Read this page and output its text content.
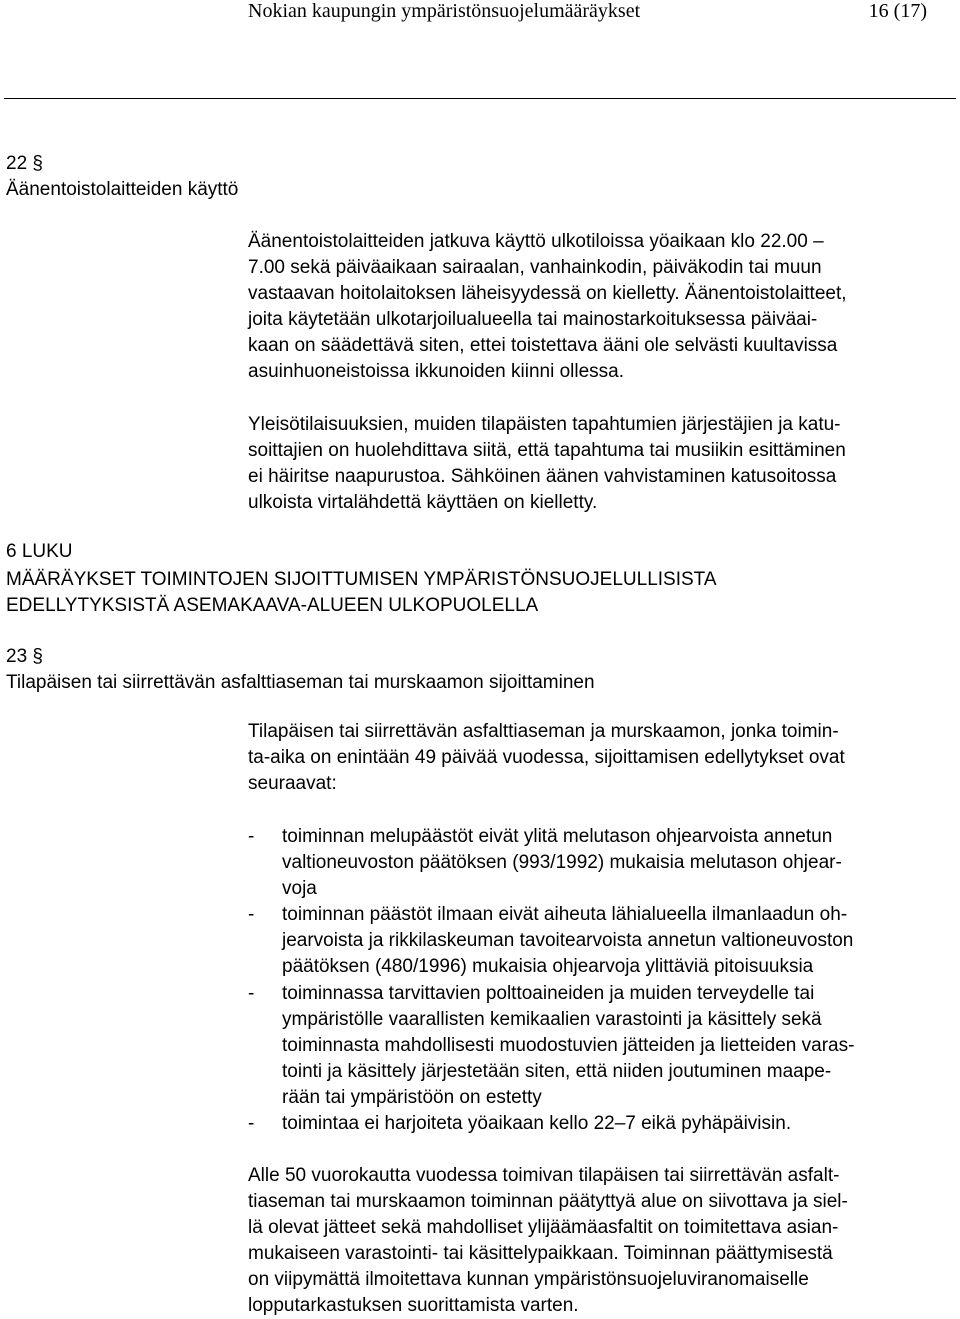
Nokian kaupungin ympäristönsuojelumääräykset	16 (17)
22 §
Äänentoistolaitteiden käyttö
Äänentoistolaitteiden jatkuva käyttö ulkotiloissa yöaikaan klo 22.00 –
7.00 sekä päiväaikaan sairaalan, vanhainkodin, päiväkodin tai muun
vastaavan hoitolaitoksen läheisyydessä on kielletty. Äänentoistolaitteet,
joita käytetään ulkotarjoilualueella tai mainostarkoituksessa päiväai-
kaan on säädettävä siten, ettei toistettava ääni ole selvästi kuultavissa
asuinhuoneistoissa ikkunoiden kiinni ollessa.
Yleisötilaisuuksien, muiden tilapäisten tapahtumien järjestäjien ja katu-
soittajien on huolehdittava siitä, että tapahtuma tai musiikin esittäminen
ei häiritse naapurustoa. Sähköinen äänen vahvistaminen katusoitossa
ulkoista virtalähdettä käyttäen on kielletty.
6 LUKU
MÄÄRÄYKSET TOIMINTOJEN SIJOITTUMISEN YMPÄRISTÖNSUOJELULLISISTA
EDELLYTYKSISTÄ ASEMAKAAVA-ALUEEN ULKOPUOLELLA
23 §
Tilapäisen tai siirrettävän asfalttiaseman tai murskaamon sijoittaminen
Tilapäisen tai siirrettävän asfalttiaseman ja murskaamon, jonka toimin-
ta-aika on enintään 49 päivää vuodessa, sijoittamisen edellytykset ovat
seuraavat:
- toiminnan melupäästöt eivät ylitä melutason ohjearvoista annetun
valtioneuvoston päätöksen (993/1992) mukaisia melutason ohjear-
voja
- toiminnan päästöt ilmaan eivät aiheuta lähialueella ilmanlaadun oh-
jearvoista ja rikkilaskeuman tavoitearvoista annetun valtioneuvoston
päätöksen (480/1996) mukaisia ohjearvoja ylittäviä pitoisuuksia
- toiminnassa tarvittavien polttoaineiden ja muiden terveydelle tai
ympäristölle vaarallisten kemikaalien varastointi ja käsittely sekä
toiminnasta mahdollisesti muodostuvien jätteiden ja lietteiden varas-
tointi ja käsittely järjestetään siten, että niiden joutuminen maape-
rään tai ympäristöön on estetty
- toimintaa ei harjoiteta yöaikaan kello 22–7 eikä pyhäpäivisin.
Alle 50 vuorokautta vuodessa toimivan tilapäisen tai siirrettävän asfalt-
tiaseman tai murskaamon toiminnan päätyttyä alue on siivottava ja siel-
lä olevat jätteet sekä mahdolliset ylijäämäasfaltit on toimitettava asian-
mukaiseen varastointi- tai käsittelypaikkaan. Toiminnan päättymisestä
on viipymättä ilmoitettava kunnan ympäristönsuojeluviranomaiselle
lopputarkastuksen suorittamista varten.
